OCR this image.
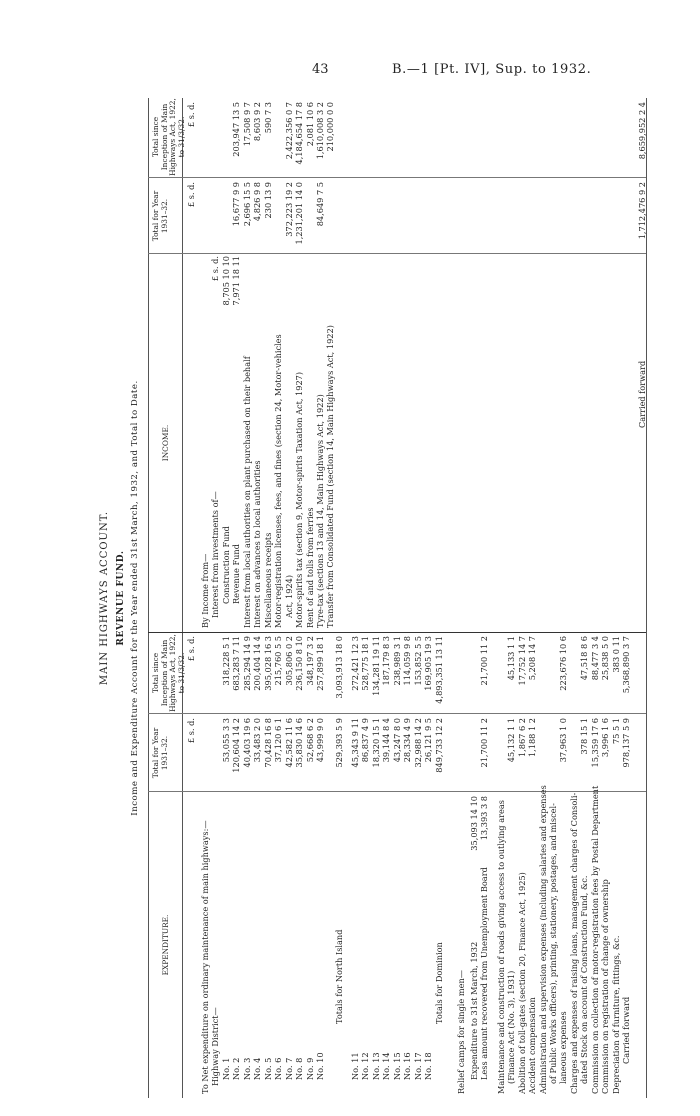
43	B.—1 [Pt. IV], Sup. to 1932.
MAIN HIGHWAYS ACCOUNT. REVENUE FUND. Income and Expenditure Account for the Year ended 31st March, 1932, and Total to Date.
EXPENDITURE.
Total for Year 1931–32.
Total since Inception of Main Highways Act, 1922, to 31/3/32.
INCOME.
Total for Year 1931–32.
Total since Inception of Main Highways Act, 1922, to 31/3/32.
£ s. d.
£ s. d.
£ s. d.
£ s. d.
To Net expenditure on ordinary maintenance of main highways:— Highway District— No. 1
53,055 3 3
318,228 5 1
No. 2
120,604 14 2
683,283 7 11
No. 3
40,403 19 6
285,294 14 9
No. 4
33,483 2 0
200,404 14 4
No. 5
70,428 16 8
395,028 16 3
No. 6
37,120 6 1
215,760 5 5
No. 7
42,582 11 6
305,806 0 2
No. 8
35,830 14 6
236,150 8 10
No. 9
52,668 6 2
348,197 3 2
No. 10
43,999 9 0
257,899 18 1
Totals for North Island
529,393 5 9
3,093,913 18 0
No. 11
45,343 9 11
272,421 12 3
No. 12
86,837 4 9
528,775 18 1
No. 13
18,320 15 1
134,281 19 11
No. 14
39,144 8 4
187,179 8 3
No. 15
43,247 8 0
238,989 3 1
No. 16
28,334 4 9
114,059 9 8
No. 17
32,988 14 2
153,852 5 5
No. 18
26,121 9 5
169,905 19 3
Totals for Dominion
849,733 12 2
4,893,351 13 11
Relief camps for single men— Expenditure to 31st March, 1932
35,093 14 10
Less amount recovered from Unemployment Board
13,393 3 8
21,700 11 2
21,700 11 2
Maintenance and construction of roads giving access to outlying areas (Finance Act (No. 3), 1931)
45,132 1 1
45,133 1 1
Abolition of toll-gates (section 20, Finance Act, 1925)
1,867 6 2
17,752 14 7
Accident compensation
1,188 1 2
5,208 14 7
Administration and supervision expenses (including salaries and expenses of Public Works officers), printing, stationery, postages, and miscel- laneous expenses
37,963 1 0
223,676 10 6
Charges and expenses of raising loans, management charges of Consoli- dated Stock on account of Construction Fund, &c.
378 15 1
47,518 8 6
Commission on collection of motor-registration fees by Postal Department
15,359 17 6
88,477 3 4
Commission on registration of change of ownership
3,996 1 6
25,838 5 0
Depreciation of furniture, fittings, &c.
75 5 1
383 0 11
Carried forward
978,137 5 9
5,368,890 3 7
By Income from— Interest from investments of—
£ s. d.
Construction Fund
8,705 10 10
Revenue Fund
7,971 18 11
16,677 9 9
203,947 13 5
Interest from local authorities on plant purchased on their behalf
2,696 15 5
17,508 9 7
Interest on advances to local authorities
4,826 9 8
8,603 9 2
Miscellaneous receipts
230 13 9
590 7 3
Motor-registration licenses, fees, and fines (section 24, Motor-vehicles Act, 1924)
372,223 19 2
2,422,356 0 7
Motor-spirits tax (section 9, Motor-spirits Taxation Act, 1927)
1,231,201 14 0
4,184,654 17 8
Rent of and tolls from ferries
2,081 10 6
Tyre-tax (sections 13 and 14, Main Highways Act, 1922)
84,649 7 5
1,610,008 3 2
Transfer from Consolidated Fund (section 14, Main Highways Act, 1922)
210,000 0 0
Carried forward
1,712,476 9 2
8,659,952 2 4
